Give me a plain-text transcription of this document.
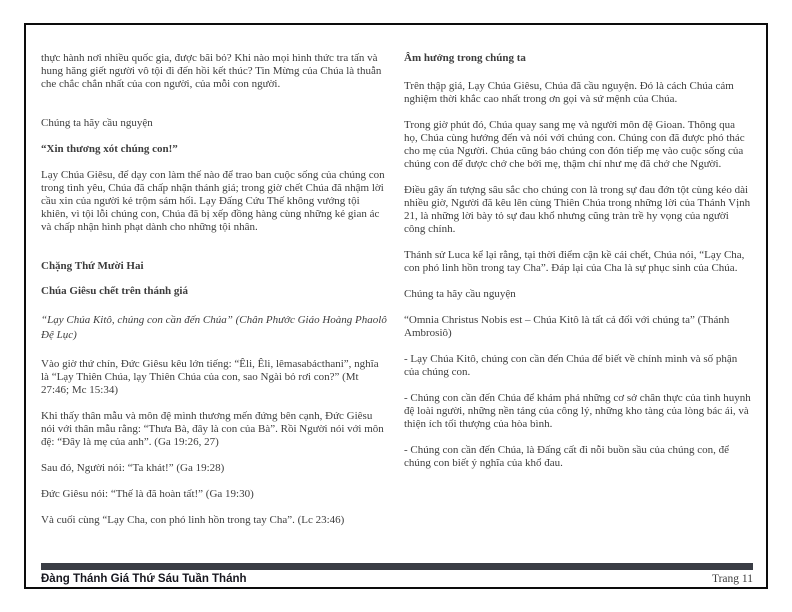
thực hành nơi nhiều quốc gia, được bãi bỏ? Khi nào mọi hình thức tra tấn và hung hăng giết người vô tội đi đến hồi kết thúc? Tin Mừng của Chúa là thuẫn che chắc chắn nhất của con người, của mỗi con người.

Chúng ta hãy cầu nguyện

“Xin thương xót chúng con!”

Lạy Chúa Giêsu, để dạy con làm thế nào để trao ban cuộc sống của chúng con trong tình yêu, Chúa đã chấp nhận thánh giá; trong giờ chết Chúa đã nhậm lời cầu xin của người kẻ trộm sám hối. Lạy Đấng Cứu Thế không vướng tội khiên, vì tội lỗi chúng con, Chúa đã bị xếp đồng hàng cùng những kẻ gian ác và chấp nhận hình phạt dành cho những tội nhân.

Chặng Thứ Mười Hai

Chúa Giêsu chết trên thánh giá

“Lạy Chúa Kitô, chúng con cần đến Chúa” (Chân Phước Giáo Hoàng Phaolô Đệ Lục)

Vào giờ thứ chín, Đức Giêsu kêu lớn tiếng: “Êli, Êli, lêmasabácthani”, nghĩa là “Lạy Thiên Chúa, lạy Thiên Chúa của con, sao Ngài bỏ rơi con?” (Mt 27:46; Mc 15:34)

Khi thấy thân mẫu và môn đệ mình thương mến đứng bên cạnh, Đức Giêsu nói với thân mẫu rằng: “Thưa Bà, đây là con của Bà”. Rồi Người nói với môn đệ: “Đây là mẹ của anh”. (Ga 19:26, 27)

Sau đó, Người nói: “Ta khát!” (Ga 19:28)

Đức Giêsu nói: “Thế là đã hoàn tất!” (Ga 19:30)

Và cuối cùng “Lạy Cha, con phó linh hồn trong tay Cha”. (Lc 23:46)

Âm hưởng trong chúng ta

Trên thập giá, Lạy Chúa Giêsu, Chúa đã cầu nguyện. Đó là cách Chúa cảm nghiệm thời khắc cao nhất trong ơn gọi và sứ mệnh của Chúa.

Trong giờ phút đó, Chúa quay sang mẹ và người môn đệ Gioan. Thông qua họ, Chúa cùng hướng đến và nói với chúng con. Chúng con đã được phó thác cho mẹ của Người. Chúa cũng bảo chúng con đón tiếp mẹ vào cuộc sống của chúng con để được chở che bởi mẹ, thậm chí như mẹ đã chở che Người.

Điều gây ấn tượng sâu sắc cho chúng con là trong sự đau đớn tột cùng kéo dài nhiều giờ, Người đã kêu lên cùng Thiên Chúa trong những lời của Thánh Vịnh 21, là những lời bày tỏ sự đau khổ nhưng cũng tràn trề hy vọng của người công chính.

Thánh sử Luca kể lại rằng, tại thời điểm cận kề cái chết, Chúa nói, “Lạy Cha, con phó linh hồn trong tay Cha”. Đáp lại của Cha là sự phục sinh của Chúa.

Chúng ta hãy cầu nguyện

“Omnia Christus Nobis est – Chúa Kitô là tất cả đối với chúng ta” (Thánh Ambrosiô)

- Lạy Chúa Kitô, chúng con cần đến Chúa để biết về chính mình và số phận của chúng con.

- Chúng con cần đến Chúa để khám phá những cơ sở chân thực của tình huynh đệ loài người, những nền tảng của công lý, những kho tàng của lòng bác ái, và thiện ích tối thượng của hòa bình.

- Chúng con cần đến Chúa, là Đấng cất đi nỗi buồn sầu của chúng con, để chúng con biết ý nghĩa của khổ đau.

Đàng Thánh Giá Thứ Sáu Tuần Thánh	Trang 11
